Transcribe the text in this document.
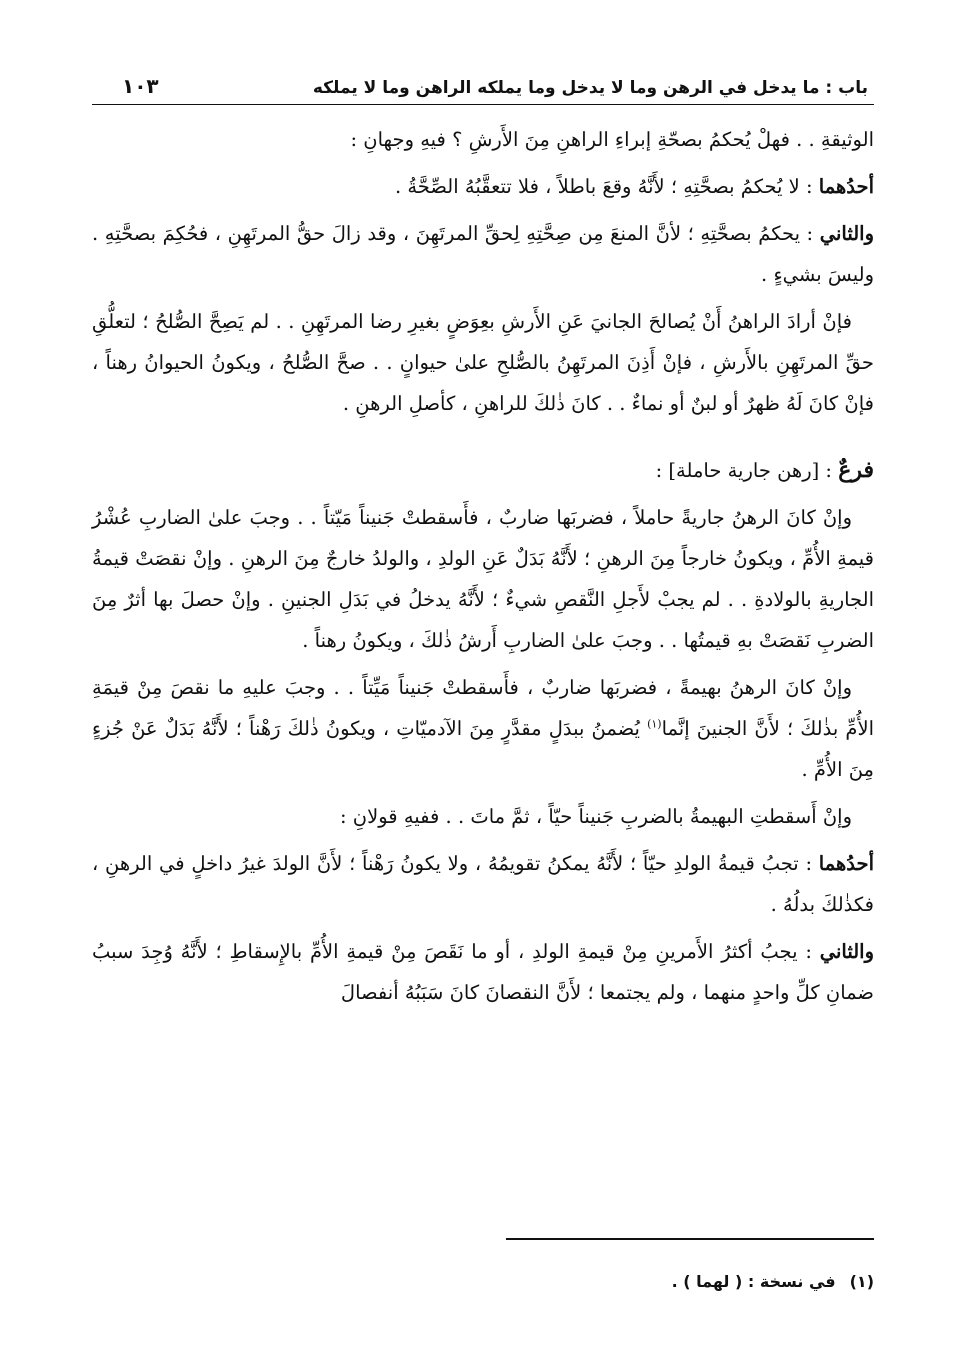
باب : ما يدخل في الرهن وما لا يدخل وما يملكه الراهن وما لا يملكه
١٠٣

الوثيقةِ . . فهلْ يُحكمُ بصحّةِ إبراءِ الراهنِ مِنَ الأَرشِ ؟ فيهِ وجهانِ :

أحدُهما : لا يُحكمُ بصحَّتِهِ ؛ لأَنَّهُ وقعَ باطلاً ، فلا تتعقَّبُهُ الصِّحَّةُ .

والثاني : يحكمُ بصحَّتِهِ ؛ لأنَّ المنعَ مِن صِحَّتِهِ لِحقِّ المرتَهِنَ ، وقد زالَ حقُّ المرتَهِنِ ، فحُكِمَ بصحَّتِهِ . وليسَ بشيءٍ .

فإنْ أرادَ الراهنُ أَنْ يُصالحَ الجانيَ عَنِ الأَرشِ بعِوَضٍ بغيرِ رضا المرتَهِنِ . . لم يَصِحَّ الصُّلحُ ؛ لتعلُّقِ حقِّ المرتَهِنِ بالأَرشِ ، فإنْ أَذِنَ المرتَهِنُ بالصُّلحِ علىٰ حيوانٍ . . صحَّ الصُّلحُ ، ويكونُ الحيوانُ رهناً ، فإنْ كانَ لَهُ ظهرٌ أو لبنٌ أو نماءٌ . . كانَ ذٰلكَ للراهنِ ، كأصلِ الرهنِ .

فرعٌ : [رهن جارية حاملة] :

وإنْ كانَ الرهنُ جاريةً حاملاً ، فضربَها ضاربٌ ، فأَسقطتْ جَنيناً مَيّتاً . . وجبَ علىٰ الضاربِ عُشْرُ قيمةِ الأُمِّ ، ويكونُ خارجاً مِنَ الرهنِ ؛ لأَنَّهُ بَدَلٌ عَنِ الولدِ ، والولدُ خارجٌ مِنَ الرهنِ . وإنْ نقصَتْ قيمةُ الجاريةِ بالولادةِ . . لم يجبْ لأَجلِ النَّقصِ شيءٌ ؛ لأَنَّهُ يدخلُ في بَدَلِ الجنينِ . وإنْ حصلَ بها أثرٌ مِنَ الضربِ نَقصَتْ بهِ قيمتُها . . وجبَ علىٰ الضاربِ أَرشُ ذٰلكَ ، ويكونُ رهناً .

وإنْ كانَ الرهنُ بهيمةً ، فضربَها ضاربٌ ، فأَسقطتْ جَنيناً مَيِّتاً . . وجبَ عليهِ ما نقصَ مِنْ قيمَةِ الأُمِّ بذٰلكَ ؛ لأَنَّ الجنينَ إنَّما$^{(١)}$ يُضمنُ ببدَلٍ مقدَّرٍ مِنَ الآدميّاتِ ، ويكونُ ذٰلكَ رَهْناً ؛ لأَنَّهُ بَدَلٌ عَنْ جُزءٍ مِنَ الأُمِّ .

وإنْ أَسقطتِ البهيمةُ بالضربِ جَنيناً حيّاً ، ثمَّ ماتَ . . ففيهِ قولانِ :

أحدُهما : تجبُ قيمةُ الولدِ حيّاً ؛ لأَنَّهُ يمكنُ تقويمُهُ ، ولا يكونُ رَهْناً ؛ لأَنَّ الولدَ غيرُ داخلٍ في الرهنِ ، فكذٰلكَ بدلُهُ .

والثاني : يجبُ أكثرُ الأَمرينِ مِنْ قيمةِ الولدِ ، أو ما نَقَصَ مِنْ قيمةِ الأُمِّ بالإِسقاطِ ؛ لأَنَّهُ وُجِدَ سببُ ضمانِ كلِّ واحدٍ منهما ، ولم يجتمعا ؛ لأَنَّ النقصانَ كانَ سَبَبُهُ أنفصالَ

(١)في نسخة : ( لهما ) .
